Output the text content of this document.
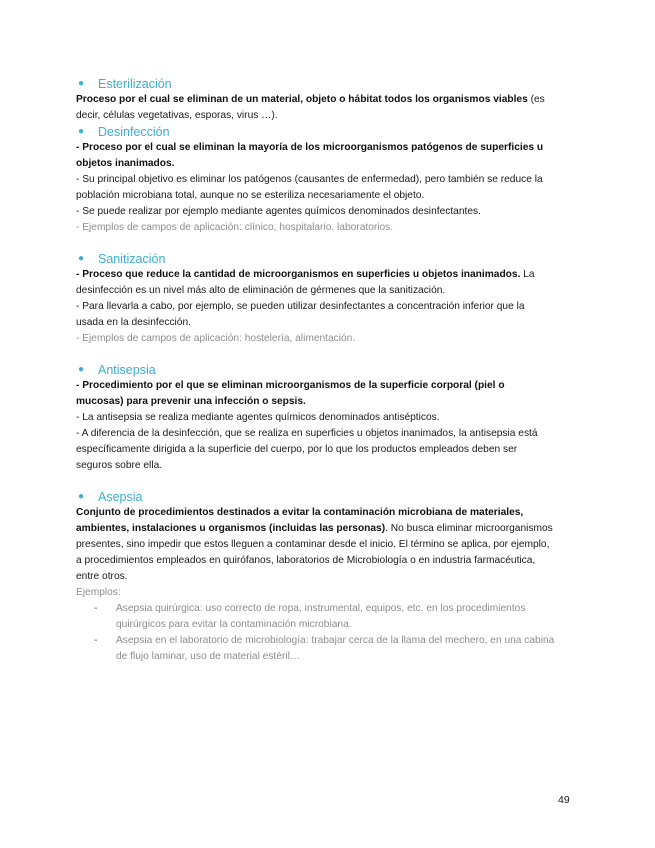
●	Esterilización

Proceso por el cual se eliminan de un material, objeto o hábitat todos los organismos viables (es

decir, células vegetativas, esporas, virus …).

●	Desinfección

- Proceso por el cual se eliminan la mayoría de los microorganismos patógenos de superficies u

objetos inanimados.

- Su principal objetivo es eliminar los patógenos (causantes de enfermedad), pero también se reduce la

población microbiana total, aunque no se esteriliza necesariamente el objeto.

- Se puede realizar por ejemplo mediante agentes químicos denominados desinfectantes.

- Ejemplos de campos de aplicación: clínico, hospitalario, laboratorios.

●	Sanitización

- Proceso que reduce la cantidad de microorganismos en superficies u objetos inanimados. La

desinfección es un nivel más alto de eliminación de gérmenes que la sanitización.

- Para llevarla a cabo, por ejemplo, se pueden utilizar desinfectantes a concentración inferior que la

usada en la desinfección.

- Ejemplos de campos de aplicación: hostelería, alimentación.

●	Antisepsia

- Procedimiento por el que se eliminan microorganismos de la superficie corporal (piel o

mucosas) para prevenir una infección o sepsis.

- La antisepsia se realiza mediante agentes químicos denominados antisépticos.

- A diferencia de la desinfección, que se realiza en superficies u objetos inanimados, la antisepsia está

específicamente dirigida a la superficie del cuerpo, por lo que los productos empleados deben ser

seguros sobre ella.

●	Asepsia

Conjunto de procedimientos destinados a evitar la contaminación microbiana de materiales,

ambientes, instalaciones u organismos (incluidas las personas). No busca eliminar microorganismos

presentes, sino impedir que estos lleguen a contaminar desde el inicio. El término se aplica, por ejemplo,

a procedimientos empleados en quirófanos, laboratorios de Microbiología o en industria farmacéutica,

entre otros.

Ejemplos:

- Asepsia quirúrgica: uso correcto de ropa, instrumental, equipos, etc. en los procedimientos
quirúrgicos para evitar la contaminación microbiana.
- Asepsia en el laboratorio de microbiología: trabajar cerca de la llama del mechero, en una cabina
de flujo laminar, uso de material estéril…
49
